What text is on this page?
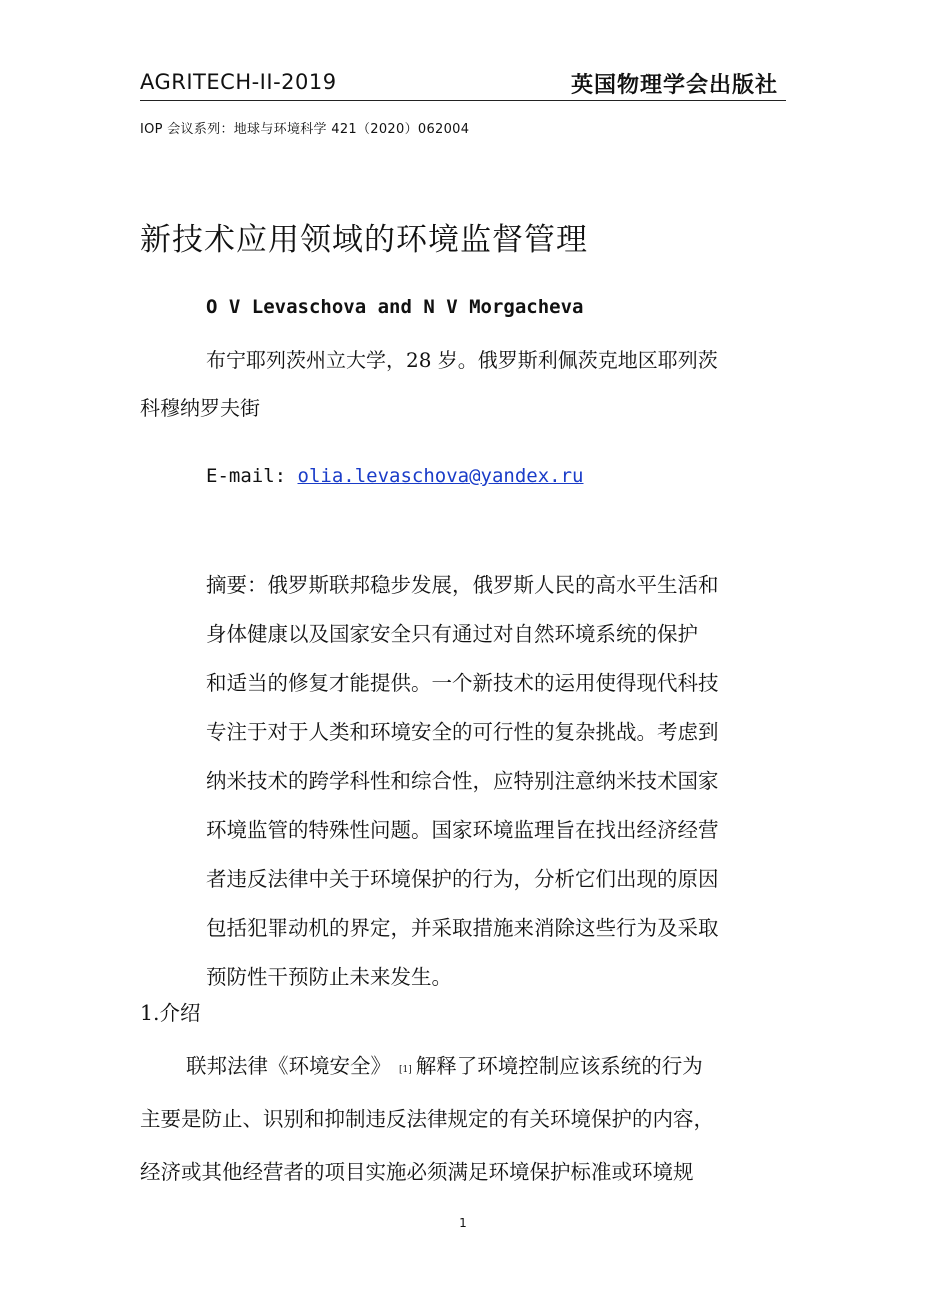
AGRITECH-II-2019	英国物理学会出版社
IOP 会议系列：地球与环境科学 421（2020）062004
新技术应用领域的环境监督管理
O V Levaschova and N V Morgacheva
布宁耶列茨州立大学，28 岁。俄罗斯利佩茨克地区耶列茨
科穆纳罗夫街
E-mail: olia.levaschova@yandex.ru
摘要：俄罗斯联邦稳步发展，俄罗斯人民的高水平生活和
身体健康以及国家安全只有通过对自然环境系统的保护
和适当的修复才能提供。一个新技术的运用使得现代科技
专注于对于人类和环境安全的可行性的复杂挑战。考虑到
纳米技术的跨学科性和综合性，应特别注意纳米技术国家
环境监管的特殊性问题。国家环境监理旨在找出经济经营
者违反法律中关于环境保护的行为，分析它们出现的原因
包括犯罪动机的界定，并采取措施来消除这些行为及采取
预防性干预防止未来发生。
1.介绍
联邦法律《环境安全》 [1] 解释了环境控制应该系统的行为
主要是防止、识别和抑制违反法律规定的有关环境保护的内容，
经济或其他经营者的项目实施必须满足环境保护标准或环境规
1
